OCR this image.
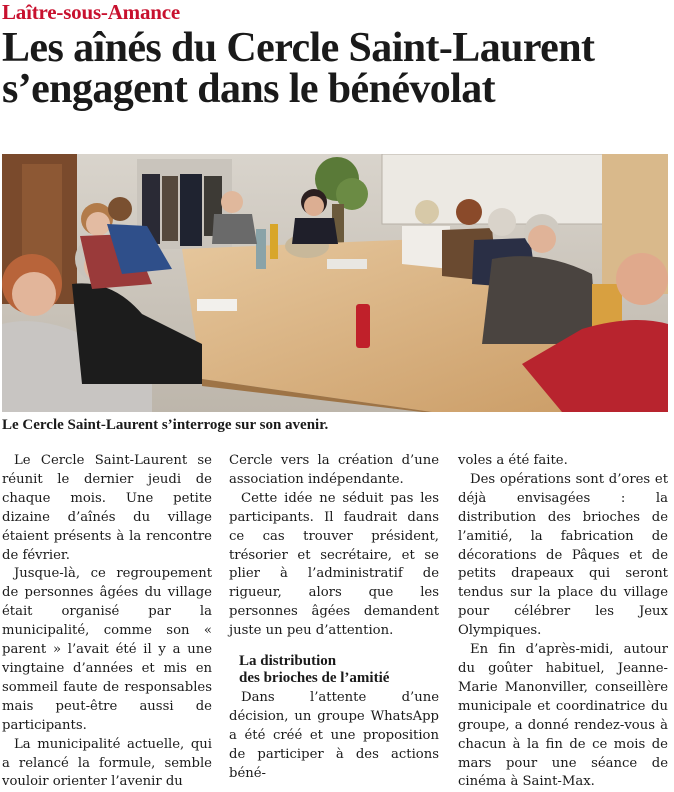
Laître-sous-Amance
Les aînés du Cercle Saint-Laurent
s’engagent dans le bénévolat
Le Cercle Saint-Laurent s’interroge sur son avenir.

Le Cercle Saint-Laurent se réunit le dernier jeudi de chaque mois. Une petite dizaine d’aînés du village étaient présents à la rencontre de février.

Jusque-là, ce regroupement de personnes âgées du village était organisé par la municipalité, comme son « parent » l’avait été il y a une vingtaine d’années et mis en sommeil faute de responsables mais peut-être aussi de participants.

La municipalité actuelle, qui a relancé la formule, semble vouloir orienter l’avenir du

Cercle vers la création d’une association indépendante.

Cette idée ne séduit pas les participants. Il faudrait dans ce cas trouver président, trésorier et secrétaire, et se plier à l’administratif de rigueur, alors que les personnes âgées demandent juste un peu d’attention.

La distribution
des brioches de l’amitié

Dans l’attente d’une décision, un groupe WhatsApp a été créé et une proposition de participer à des actions béné-

voles a été faite.

Des opérations sont d’ores et déjà envisagées : la distribution des brioches de l’amitié, la fabrication de décorations de Pâques et de petits drapeaux qui seront tendus sur la place du village pour célébrer les Jeux Olympiques.

En fin d’après-midi, autour du goûter habituel, Jeanne-Marie Manonviller, conseillère municipale et coordinatrice du groupe, a donné rendez-vous à chacun à la fin de ce mois de mars pour une séance de cinéma à Saint-Max.
